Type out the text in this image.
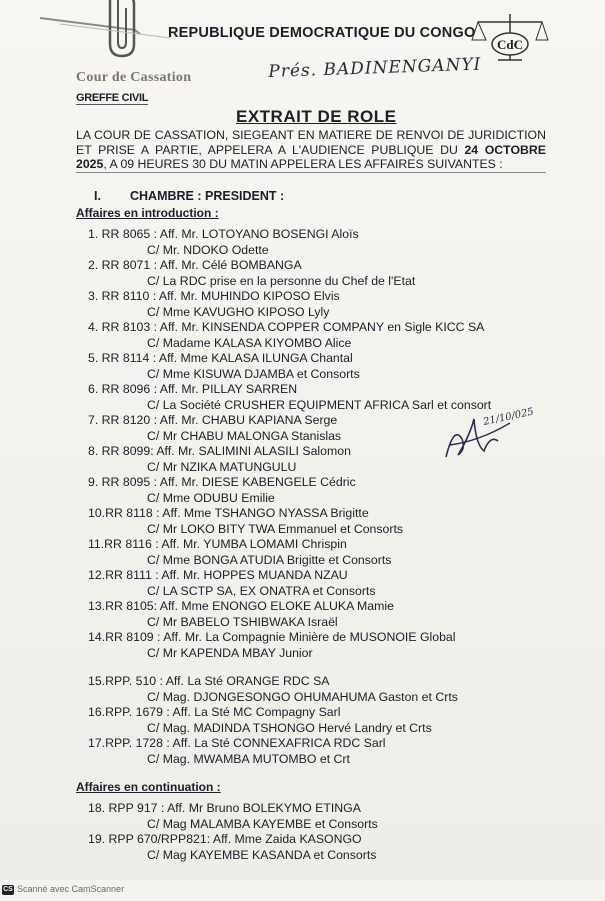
REPUBLIQUE DEMOCRATIQUE DU CONGO
CdC
Cour de Cassation
GREFFE CIVIL
Prés. BADINENGANYI
EXTRAIT DE ROLE
LA COUR DE CASSATION, SIEGEANT EN MATIERE DE RENVOI DE JURIDICTION ET PRISE A PARTIE, APPELERA A L'AUDIENCE PUBLIQUE DU 24 OCTOBRE 2025, A 09 HEURES 30 DU MATIN APPELERA LES AFFAIRES SUIVANTES :
I. CHAMBRE : PRESIDENT :
Affaires en introduction :
1. RR 8065 : Aff. Mr. LOTOYANO BOSENGI Aloïs
C/ Mr. NDOKO Odette
2. RR 8071 : Aff. Mr. Célé BOMBANGA
C/ La RDC prise en la personne du Chef de l'Etat
3. RR 8110 : Aff. Mr. MUHINDO KIPOSO Elvis
C/ Mme KAVUGHO KIPOSO Lyly
4. RR 8103 : Aff. Mr. KINSENDA COPPER COMPANY en Sigle KICC SA
C/ Madame KALASA KIYOMBO Alice
5. RR 8114 : Aff. Mme KALASA ILUNGA Chantal
C/ Mme KISUWA DJAMBA et Consorts
6. RR 8096 : Aff. Mr. PILLAY SARREN
C/ La Société CRUSHER EQUIPMENT AFRICA Sarl et consort
7. RR 8120 : Aff. Mr. CHABU KAPIANA Serge
C/ Mr CHABU MALONGA Stanislas
8. RR 8099: Aff. Mr. SALIMINI ALASILI Salomon
C/ Mr NZIKA MATUNGULU
9. RR 8095 : Aff. Mr. DIESE KABENGELE Cédric
C/ Mme ODUBU Emilie
10.RR 8118 : Aff. Mme TSHANGO NYASSA Brigitte
C/ Mr LOKO BITY TWA Emmanuel et Consorts
11.RR 8116 : Aff. Mr. YUMBA LOMAMI Chrispin
C/ Mme BONGA ATUDIA Brigitte et Consorts
12.RR 8111 : Aff. Mr. HOPPES MUANDA NZAU
C/ LA SCTP SA, EX ONATRA et Consorts
13.RR 8105: Aff. Mme ENONGO ELOKE ALUKA Mamie
C/ Mr BABELO TSHIBWAKA Israël
14.RR 8109 : Aff. Mr. La Compagnie Minière de MUSONOIE Global
C/ Mr KAPENDA MBAY Junior
15.RPP. 510 : Aff. La Sté ORANGE RDC SA
C/ Mag. DJONGESONGO OHUMAHUMA Gaston et Crts
16.RPP. 1679 : Aff. La Sté MC Compagny Sarl
C/ Mag. MADINDA TSHONGO Hervé Landry et Crts
17.RPP. 1728 : Aff. La Sté CONNEXAFRICA RDC Sarl
C/ Mag. MWAMBA MUTOMBO et Crt
Affaires en continuation :
18. RPP 917 : Aff. Mr Bruno BOLEKYMO ETINGA
C/ Mag MALAMBA KAYEMBE et Consorts
19. RPP 670/RPP821: Aff. Mme Zaida KASONGO
C/ Mag KAYEMBE KASANDA et Consorts
21/10/025
CS Scanné avec CamScanner
